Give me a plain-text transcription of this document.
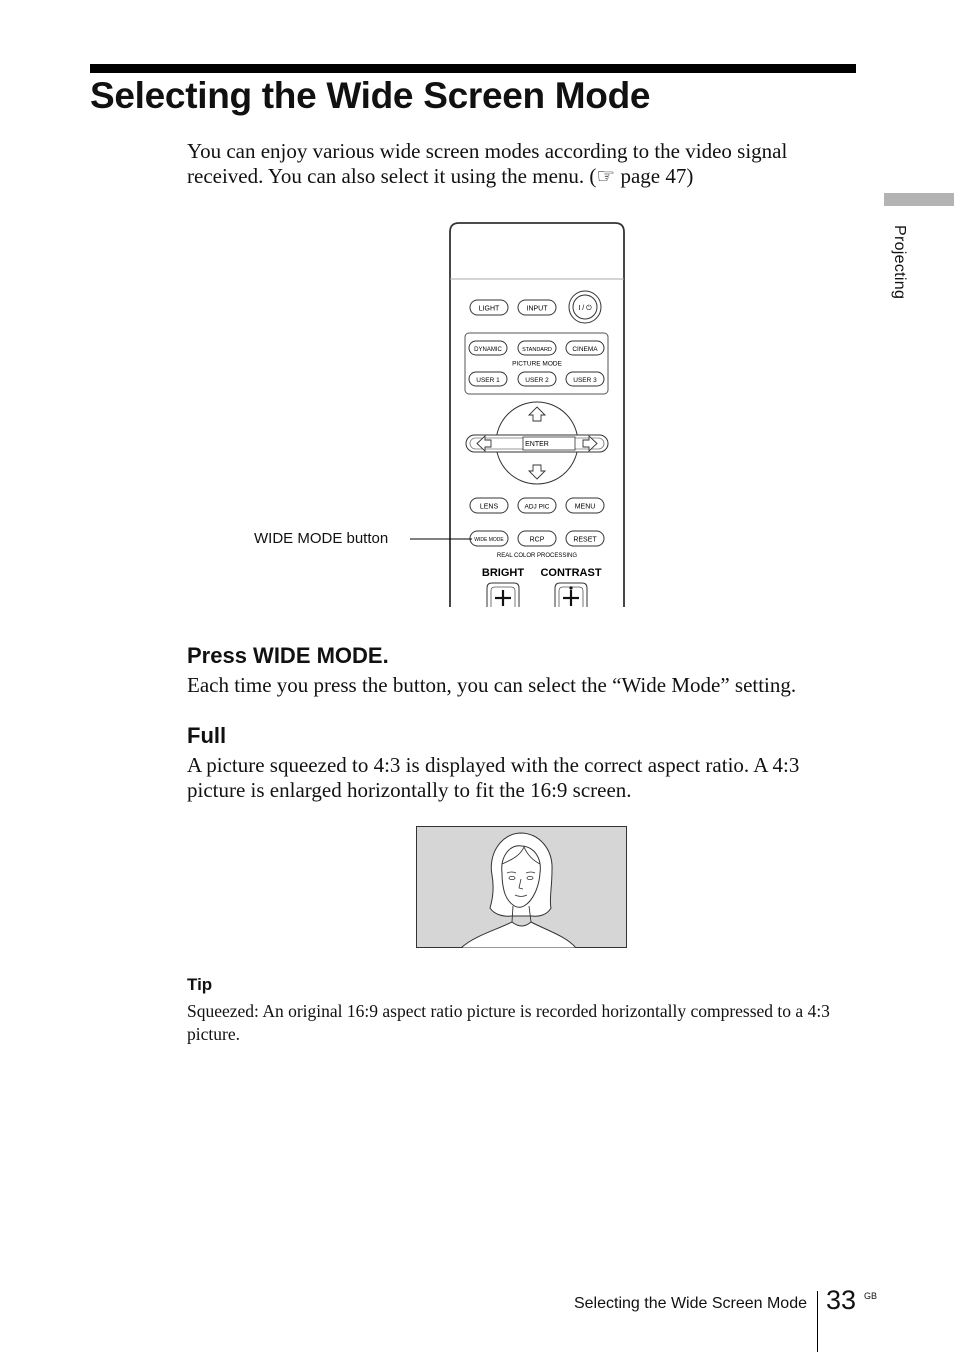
Selecting the Wide Screen Mode
You can enjoy various wide screen modes according to the video signal received. You can also select it using the menu. (☞ page 47)
LIGHT	INPUT	I / ⏻
DYNAMIC	STANDARD	CINEMA
PICTURE MODE
USER 1	USER 2	USER 3
ENTER
LENS	ADJ PIC	MENU
WIDE MODE	RCP	RESET
REAL COLOR PROCESSING
BRIGHT CONTRAST
WIDE MODE button
Press WIDE MODE.
Each time you press the button, you can select the “Wide Mode” setting.
Full
A picture squeezed to 4:3 is displayed with the correct aspect ratio. A 4:3 picture is enlarged horizontally to fit the 16:9 screen.
Tip
Squeezed: An original 16:9 aspect ratio picture is recorded horizontally compressed to a 4:3 picture.
Projecting
Selecting the Wide Screen Mode 33 GB
